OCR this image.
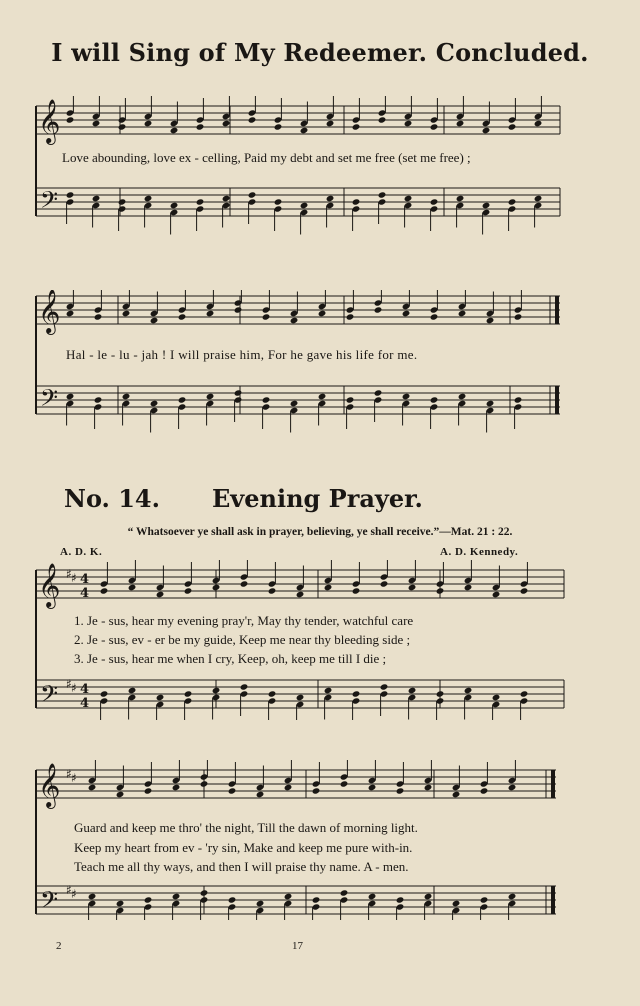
I will Sing of My Redeemer. Concluded.
𝄞
𝄢
Love abounding, love ex - celling, Paid my debt and set me free (set me free) ;
𝄞
𝄢
Hal - le - lu - jah ! I will praise him, For he gave his life for me.
No. 14. Evening Prayer.
“ Whatsoever ye shall ask in prayer, believing, ye shall receive.”—Mat. 21 : 22.
A. D. K.	A. D. Kennedy.
𝄞
𝄢
♯ ♯
♯ ♯
4
4
4
4
1. Je - sus, hear my evening pray'r, May thy tender, watchful care
2. Je - sus, ev - er be my guide, Keep me near thy bleeding side ;
3. Je - sus, hear me when I cry, Keep, oh, keep me till I die ;
𝄞
𝄢
♯ ♯
♯ ♯
Guard and keep me thro' the night, Till the dawn of morning light.
Keep my heart from ev - 'ry sin, Make and keep me pure with-in.
Teach me all thy ways, and then I will praise thy name. A - men.
2	17
